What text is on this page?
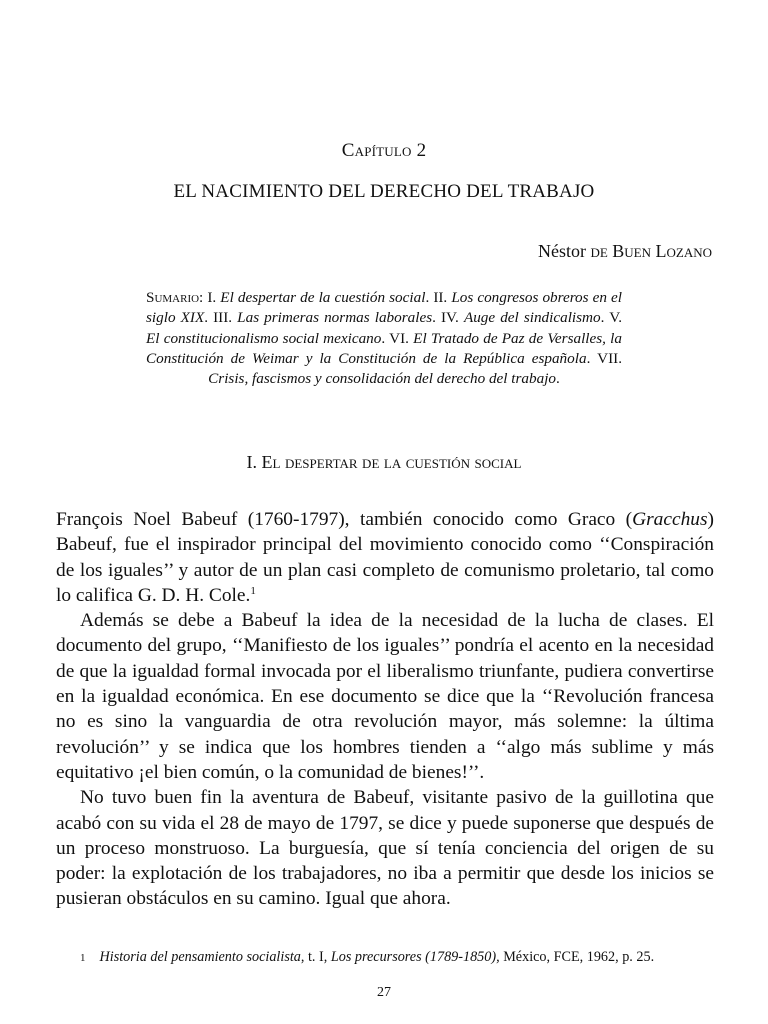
Capítulo 2
EL NACIMIENTO DEL DERECHO DEL TRABAJO
Néstor de Buen Lozano
Sumario: I. El despertar de la cuestión social. II. Los congresos obreros en el siglo XIX. III. Las primeras normas laborales. IV. Auge del sindicalismo. V. El constitucionalismo social mexicano. VI. El Tratado de Paz de Versalles, la Constitución de Weimar y la Constitución de la República española. VII. Crisis, fascismos y consolidación del derecho del trabajo.
I. El despertar de la cuestión social

François Noel Babeuf (1760-1797), también conocido como Graco (Gracchus) Babeuf, fue el inspirador principal del movimiento conocido como ‘‘Conspiración de los iguales’’ y autor de un plan casi completo de comunismo proletario, tal como lo califica G. D. H. Cole.$^1$

Además se debe a Babeuf la idea de la necesidad de la lucha de clases. El documento del grupo, ‘‘Manifiesto de los iguales’’ pondría el acento en la necesidad de que la igualdad formal invocada por el liberalismo triunfante, pudiera convertirse en la igualdad económica. En ese documento se dice que la ‘‘Revolución francesa no es sino la vanguardia de otra revolución mayor, más solemne: la última revolución’’ y se indica que los hombres tienden a ‘‘algo más sublime y más equitativo ¡el bien común, o la comunidad de bienes!’’.

No tuvo buen fin la aventura de Babeuf, visitante pasivo de la guillotina que acabó con su vida el 28 de mayo de 1797, se dice y puede suponerse que después de un proceso monstruoso. La burguesía, que sí tenía conciencia del origen de su poder: la explotación de los trabajadores, no iba a permitir que desde los inicios se pusieran obstáculos en su camino. Igual que ahora.

1 Historia del pensamiento socialista, t. I, Los precursores (1789-1850), México, FCE, 1962, p. 25.
27
